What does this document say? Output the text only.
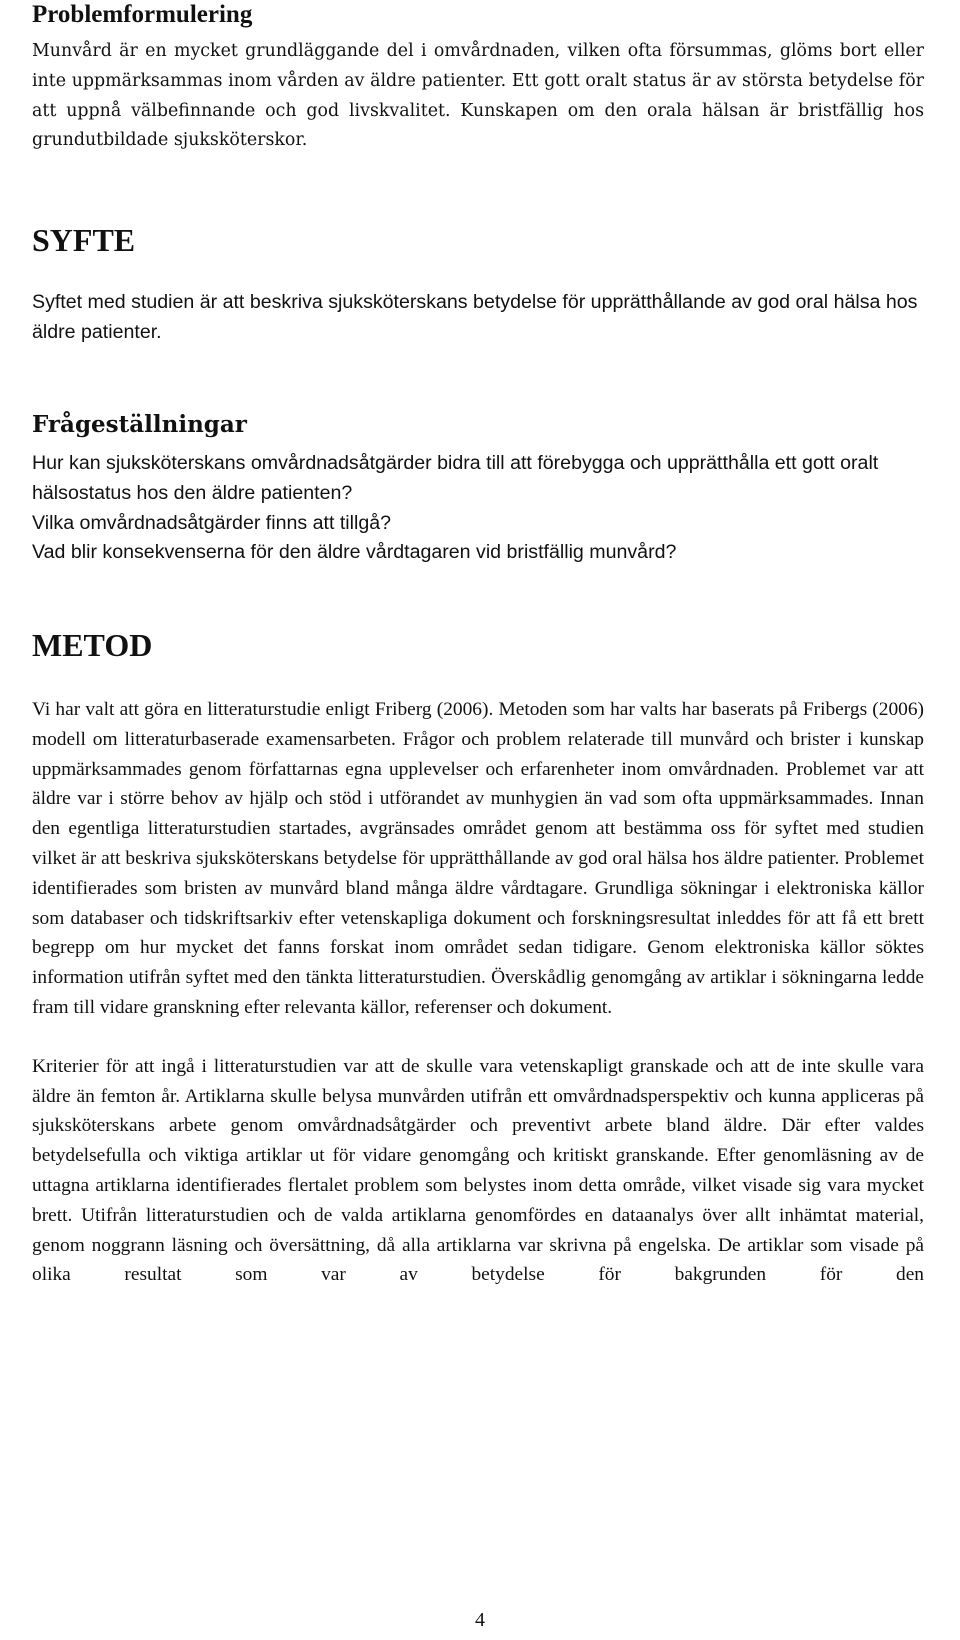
Problemformulering

Munvård är en mycket grundläggande del i omvårdnaden, vilken ofta försummas, glöms bort eller inte uppmärksammas inom vården av äldre patienter. Ett gott oralt status är av största betydelse för att uppnå välbefinnande och god livskvalitet. Kunskapen om den orala hälsan är bristfällig hos grundutbildade sjuksköterskor.

SYFTE

Syftet med studien är att beskriva sjuksköterskans betydelse för upprätthållande av god oral hälsa hos äldre patienter.

Frågeställningar
Hur kan sjuksköterskans omvårdnadsåtgärder bidra till att förebygga och upprätthålla ett gott oralt hälsostatus hos den äldre patienten?
Vilka omvårdnadsåtgärder finns att tillgå?
Vad blir konsekvenserna för den äldre vårdtagaren vid bristfällig munvård?
METOD

Vi har valt att göra en litteraturstudie enligt Friberg (2006). Metoden som har valts har baserats på Fribergs (2006) modell om litteraturbaserade examensarbeten. Frågor och problem relaterade till munvård och brister i kunskap uppmärksammades genom författarnas egna upplevelser och erfarenheter inom omvårdnaden. Problemet var att äldre var i större behov av hjälp och stöd i utförandet av munhygien än vad som ofta uppmärksammades. Innan den egentliga litteraturstudien startades, avgränsades området genom att bestämma oss för syftet med studien vilket är att beskriva sjuksköterskans betydelse för upprätthållande av god oral hälsa hos äldre patienter. Problemet identifierades som bristen av munvård bland många äldre vårdtagare. Grundliga sökningar i elektroniska källor som databaser och tidskriftsarkiv efter vetenskapliga dokument och forskningsresultat inleddes för att få ett brett begrepp om hur mycket det fanns forskat inom området sedan tidigare. Genom elektroniska källor söktes information utifrån syftet med den tänkta litteraturstudien. Överskådlig genomgång av artiklar i sökningarna ledde fram till vidare granskning efter relevanta källor, referenser och dokument.

Kriterier för att ingå i litteraturstudien var att de skulle vara vetenskapligt granskade och att de inte skulle vara äldre än femton år. Artiklarna skulle belysa munvården utifrån ett omvårdnadsperspektiv och kunna appliceras på sjuksköterskans arbete genom omvårdnadsåtgärder och preventivt arbete bland äldre. Där efter valdes betydelsefulla och viktiga artiklar ut för vidare genomgång och kritiskt granskande. Efter genomläsning av de uttagna artiklarna identifierades flertalet problem som belystes inom detta område, vilket visade sig vara mycket brett. Utifrån litteraturstudien och de valda artiklarna genomfördes en dataanalys över allt inhämtat material, genom noggrann läsning och översättning, då alla artiklarna var skrivna på engelska. De artiklar som visade på olika resultat som var av betydelse för bakgrunden för den

4
